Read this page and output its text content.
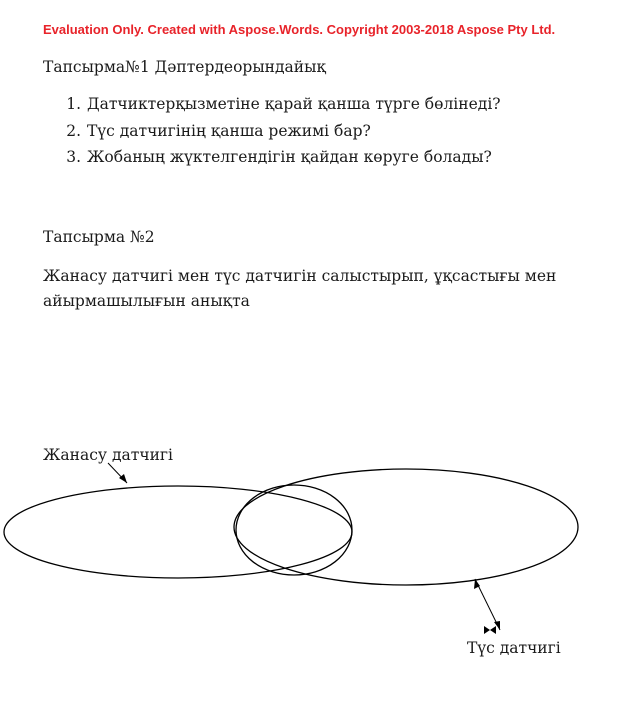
Evaluation Only. Created with Aspose.Words. Copyright 2003-2018 Aspose Pty Ltd.
Тапсырма№1 Дәптердеорындайық
1. Датчиктерқызметіне қарай қанша түрге бөлінеді?
2. Түс датчигінің қанша режимі бар?
3. Жобаның жүктелгендігін қайдан көруге болады?
Тапсырма №2
Жанасу датчигі мен түс датчигін салыстырып, ұқсастығы мен
айырмашылығын анықта
Жанасу датчигі
Түс датчигі
